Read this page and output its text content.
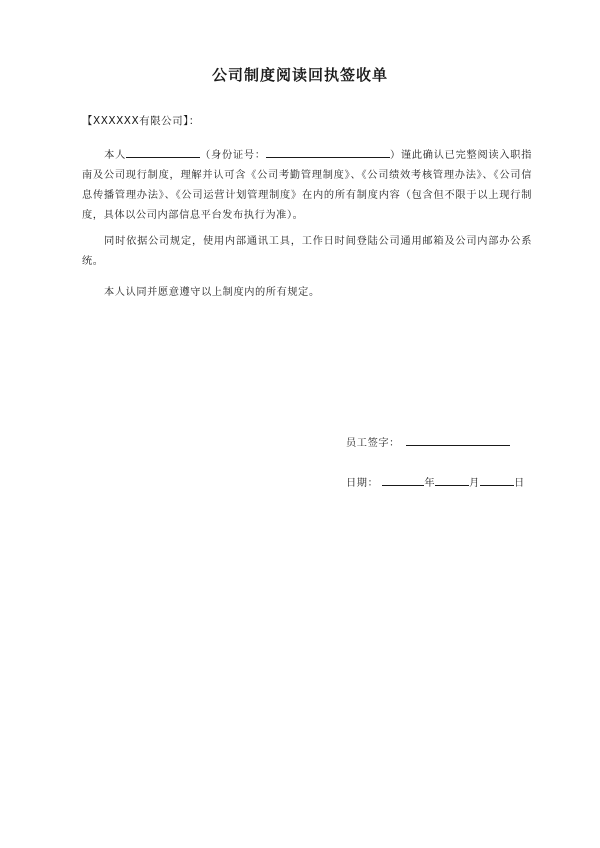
公司制度阅读回执签收单
【XXXXXX有限公司】：
本人	（身份证号：	）谨此确认已完整阅读入职指南及公司现行制度，理解并认可含《公司考勤管理制度》、《公司绩效考核管理办法》、《公司信息传播管理办法》、《公司运营计划管理制度》在内的所有制度内容（包含但不限于以上现行制度，具体以公司内部信息平台发布执行为准）。
同时依据公司规定，使用内部通讯工具，工作日时间登陆公司通用邮箱及公司内部办公系统。
本人认同并愿意遵守以上制度内的所有规定。
员工签字：
日期：	年	月	日
